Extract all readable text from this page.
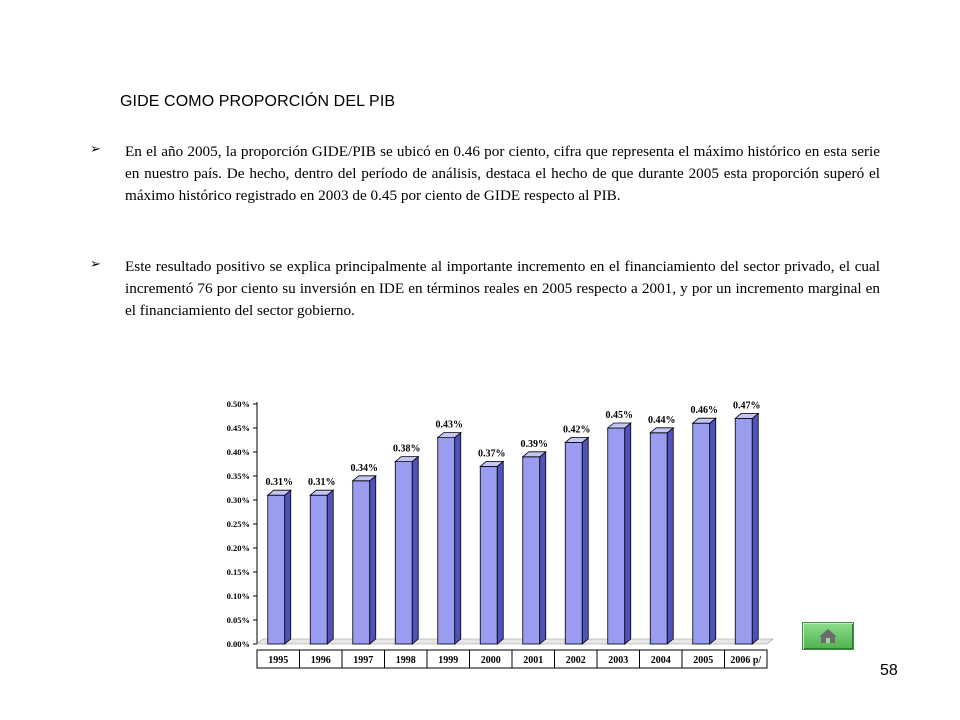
GIDE COMO PROPORCIÓN DEL PIB
➢ En el año 2005, la proporción GIDE/PIB se ubicó en 0.46 por ciento, cifra que representa el máximo histórico en esta serie en nuestro país. De hecho, dentro del período de análisis, destaca el hecho de que durante 2005 esta proporción superó el máximo histórico registrado en 2003 de 0.45 por ciento de GIDE respecto al PIB.
➢ Este resultado positivo se explica principalmente al importante incremento en el financiamiento del sector privado, el cual incrementó 76 por ciento su inversión en IDE en términos reales en 2005 respecto a 2001, y por un incremento marginal en el financiamiento del sector gobierno.
0.00%
0.05%
0.10%
0.15%
0.20%
0.25%
0.30%
0.35%
0.40%
0.45%
0.50%
0.31%
1995
0.31%
1996
0.34%
1997
0.38%
1998
0.43%
1999
0.37%
2000
0.39%
2001
0.42%
2002
0.45%
2003
0.44%
2004
0.46%
2005
0.47%
2006 p/
58
